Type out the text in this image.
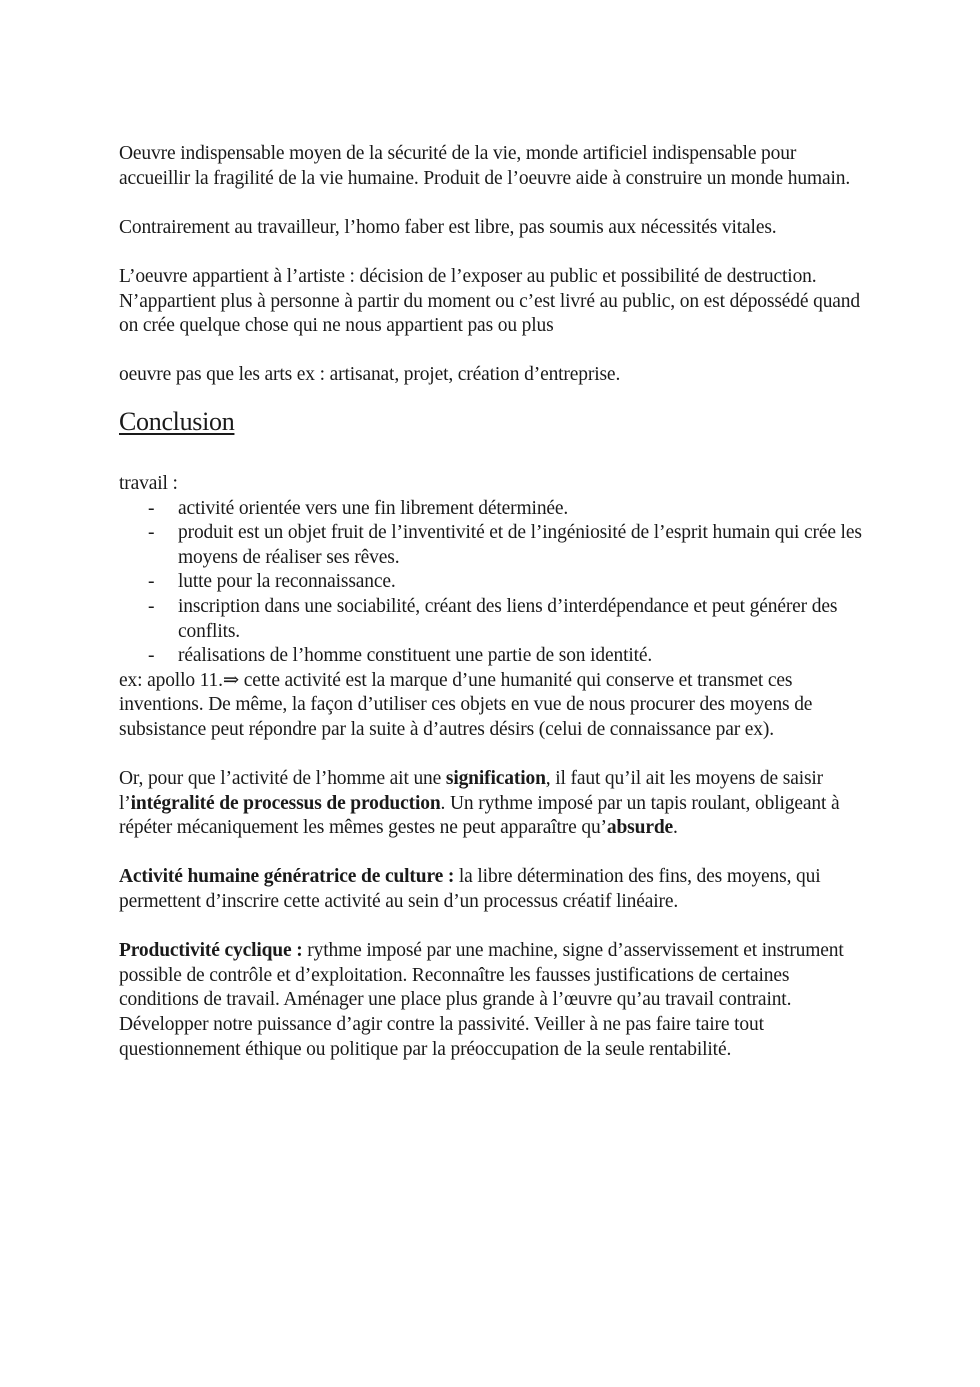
Oeuvre indispensable moyen de la sécurité de la vie, monde artificiel indispensable pour accueillir la fragilité de la vie humaine. Produit de l’oeuvre aide à construire un monde humain.

Contrairement au travailleur, l’homo faber est libre, pas soumis aux nécessités vitales.

L’oeuvre appartient à l’artiste : décision de l’exposer au public et possibilité de destruction. N’appartient plus à personne à partir du moment ou c’est livré au public, on est dépossédé quand on crée quelque chose qui ne nous appartient pas ou plus

oeuvre pas que les arts ex : artisanat, projet, création d’entreprise.

Conclusion

travail :

- activité orientée vers une fin librement déterminée.
- produit est un objet fruit de l’inventivité et de l’ingéniosité de l’esprit humain qui crée les moyens de réaliser ses rêves.
- lutte pour la reconnaissance.
- inscription dans une sociabilité, créant des liens d’interdépendance et peut générer des conflits.
- réalisations de l’homme constituent une partie de son identité.

ex: apollo 11.⇒ cette activité est la marque d’une humanité qui conserve et transmet ces inventions. De même, la façon d’utiliser ces objets en vue de nous procurer des moyens de subsistance peut répondre par la suite à d’autres désirs (celui de connaissance par ex).

Or, pour que l’activité de l’homme ait une signification, il faut qu’il ait les moyens de saisir l’intégralité de processus de production. Un rythme imposé par un tapis roulant, obligeant à répéter mécaniquement les mêmes gestes ne peut apparaître qu’absurde.

Activité humaine génératrice de culture : la libre détermination des fins, des moyens, qui permettent d’inscrire cette activité au sein d’un processus créatif linéaire.

Productivité cyclique : rythme imposé par une machine, signe d’asservissement et instrument possible de contrôle et d’exploitation. Reconnaître les fausses justifications de certaines conditions de travail. Aménager une place plus grande à l’œuvre qu’au travail contraint. Développer notre puissance d’agir contre la passivité. Veiller à ne pas faire taire tout questionnement éthique ou politique par la préoccupation de la seule rentabilité.
